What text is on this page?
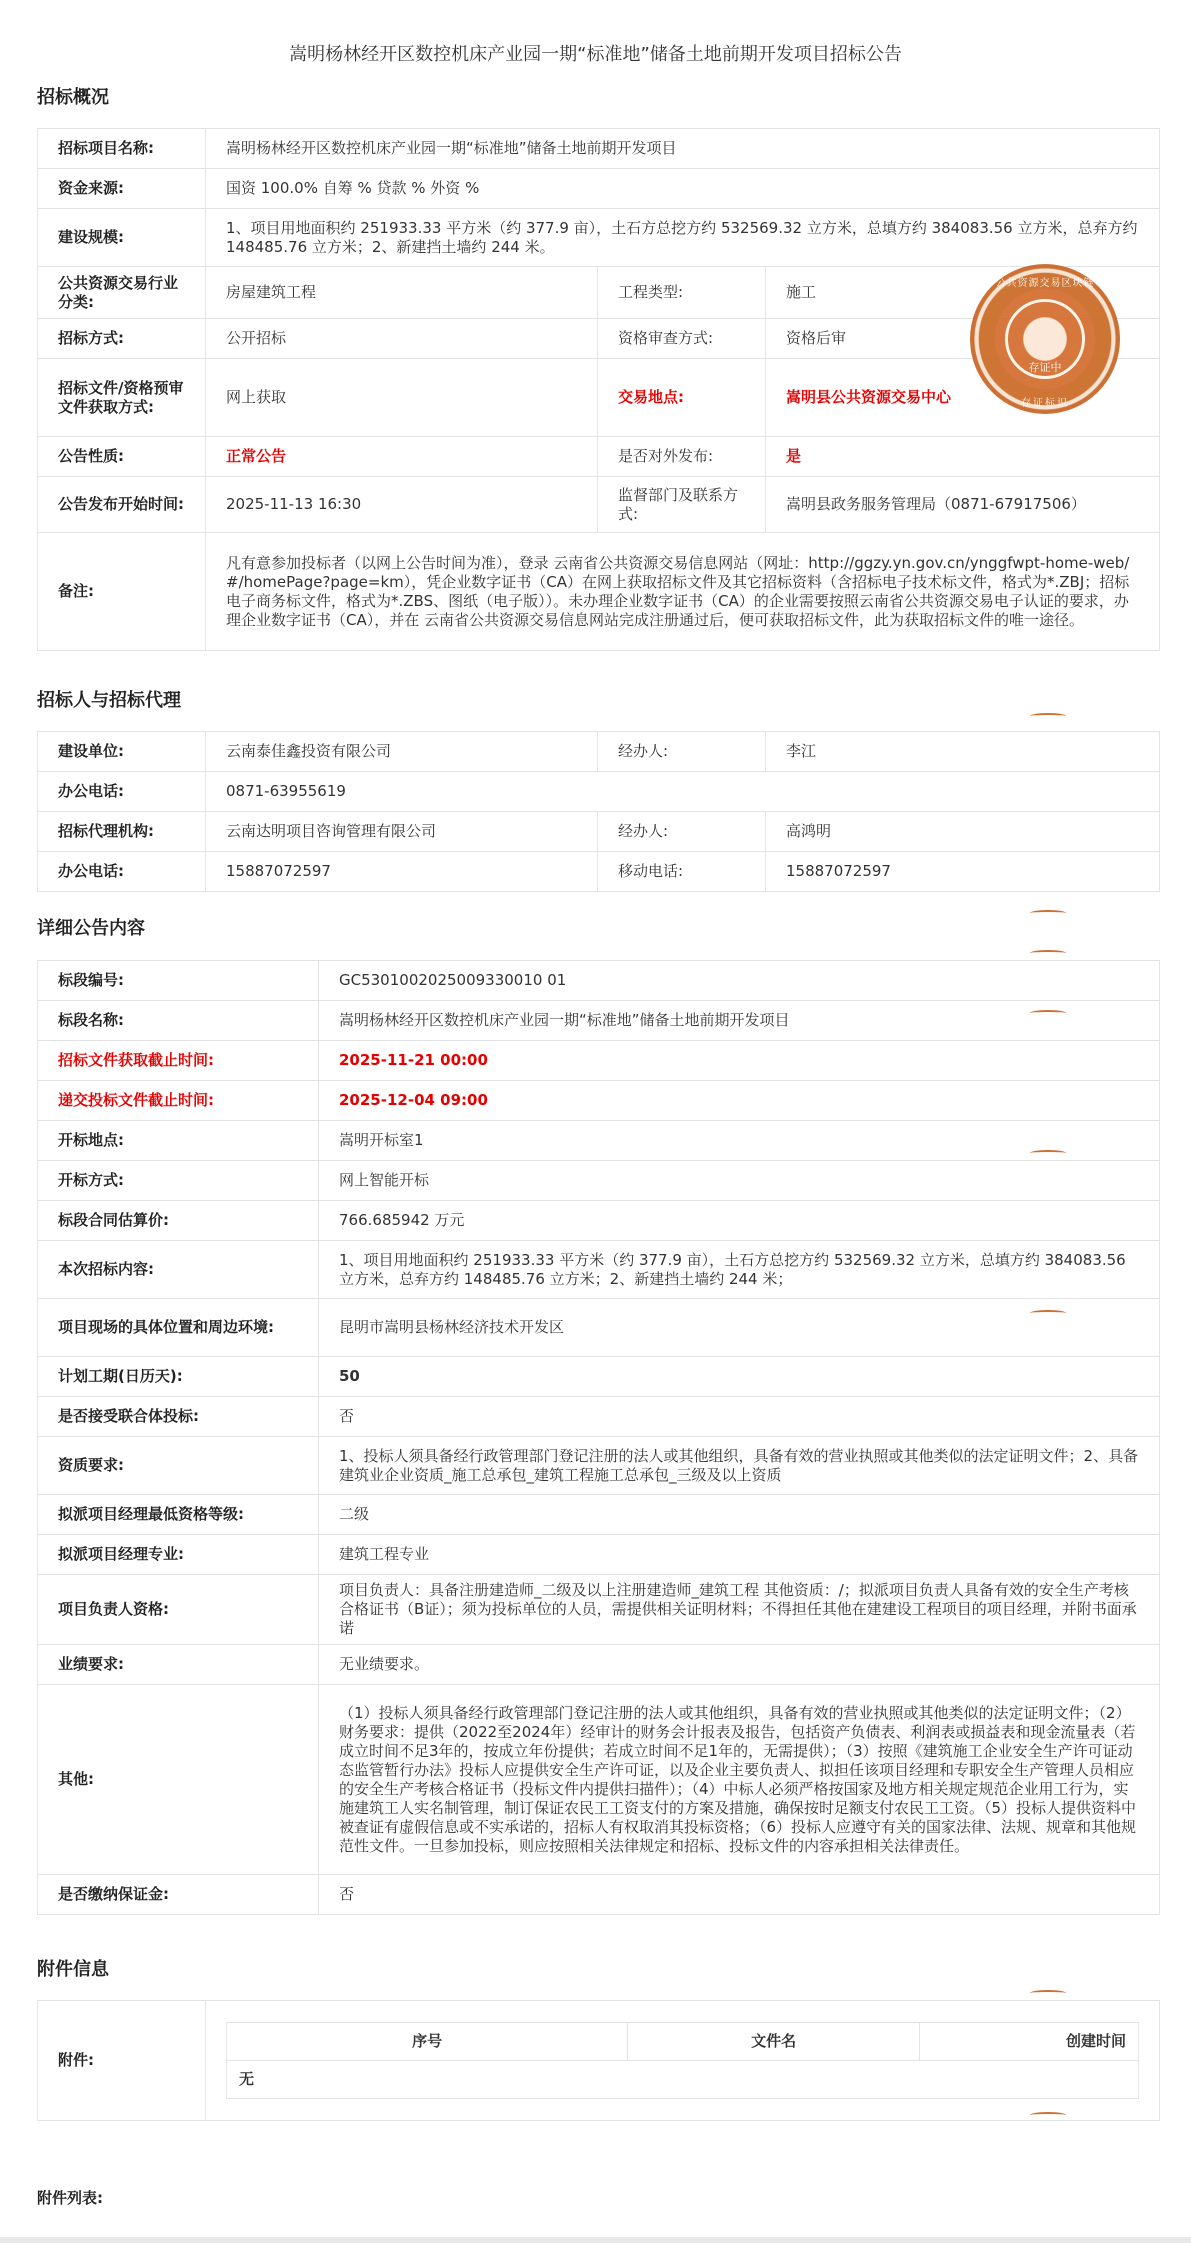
嵩明杨林经开区数控机床产业园一期“标准地”储备土地前期开发项目招标公告
招标概况
招标项目名称:	嵩明杨林经开区数控机床产业园一期“标准地”储备土地前期开发项目		
资金来源:	国资 100.0% 自筹 % 贷款 % 外资 %		
建设规模:	1、项目用地面积约 251933.33 平方米（约 377.9 亩），土石方总挖方约 532569.32 立方米，总填方约 384083.56 立方米，总弃方约 148485.76 立方米；2、新建挡土墙约 244 米。		
公共资源交易行业分类:	房屋建筑工程	工程类型:	施工
招标方式:	公开招标	资格审查方式:	资格后审
招标文件/资格预审文件获取方式:	网上获取	交易地点:	嵩明县公共资源交易中心
公告性质:	正常公告	是否对外发布:	是
公告发布开始时间:	2025-11-13 16:30	监督部门及联系方式:	嵩明县政务服务管理局（0871-67917506）
备注:	凡有意参加投标者（以网上公告时间为准），登录 云南省公共资源交易信息网站（网址：http://ggzy.yn.gov.cn/ynggfwpt-home-web/#/homePage?page=km），凭企业数字证书（CA）在网上获取招标文件及其它招标资料（含招标电子技术标文件，格式为*.ZBJ；招标电子商务标文件，格式为*.ZBS、图纸（电子版））。未办理企业数字证书（CA）的企业需要按照云南省公共资源交易电子认证的要求，办理企业数字证书（CA），并在 云南省公共资源交易信息网站完成注册通过后，便可获取招标文件，此为获取招标文件的唯一途径。		
公共资源交易区块链
存证中
存证标识
招标人与招标代理
建设单位:	云南泰佳鑫投资有限公司	经办人:	李江
办公电话:	0871-63955619		
招标代理机构:	云南达明项目咨询管理有限公司	经办人:	高鸿明
办公电话:	15887072597	移动电话:	15887072597
详细公告内容
标段编号:	GC5301002025009330010 01
标段名称:	嵩明杨林经开区数控机床产业园一期“标准地”储备土地前期开发项目
招标文件获取截止时间:	2025-11-21 00:00
递交投标文件截止时间:	2025-12-04 09:00
开标地点:	嵩明开标室1
开标方式:	网上智能开标
标段合同估算价:	766.685942 万元
本次招标内容:	1、项目用地面积约 251933.33 平方米（约 377.9 亩），土石方总挖方约 532569.32 立方米，总填方约 384083.56 立方米，总弃方约 148485.76 立方米；2、新建挡土墙约 244 米；
项目现场的具体位置和周边环境:	昆明市嵩明县杨林经济技术开发区
计划工期(日历天):	50
是否接受联合体投标:	否
资质要求:	1、投标人须具备经行政管理部门登记注册的法人或其他组织，具备有效的营业执照或其他类似的法定证明文件；2、具备建筑业企业资质_施工总承包_建筑工程施工总承包_三级及以上资质
拟派项目经理最低资格等级:	二级
拟派项目经理专业:	建筑工程专业
项目负责人资格:	项目负责人：具备注册建造师_二级及以上注册建造师_建筑工程 其他资质：/；拟派项目负责人具备有效的安全生产考核合格证书（B证）；须为投标单位的人员，需提供相关证明材料；不得担任其他在建建设工程项目的项目经理，并附书面承诺
业绩要求:	无业绩要求。
其他:	（1）投标人须具备经行政管理部门登记注册的法人或其他组织，具备有效的营业执照或其他类似的法定证明文件；（2）财务要求：提供（2022至2024年）经审计的财务会计报表及报告，包括资产负债表、利润表或损益表和现金流量表（若成立时间不足3年的，按成立年份提供；若成立时间不足1年的，无需提供）；（3）按照《建筑施工企业安全生产许可证动态监管暂行办法》投标人应提供安全生产许可证，以及企业主要负责人、拟担任该项目经理和专职安全生产管理人员相应的安全生产考核合格证书（投标文件内提供扫描件）；（4）中标人必须严格按国家及地方相关规定规范企业用工行为，实施建筑工人实名制管理，制订保证农民工工资支付的方案及措施，确保按时足额支付农民工工资。（5）投标人提供资料中被查证有虚假信息或不实承诺的，招标人有权取消其投标资格；（6）投标人应遵守有关的国家法律、法规、规章和其他规范性文件。一旦参加投标，则应按照相关法律规定和招标、投标文件的内容承担相关法律责任。
是否缴纳保证金:	否
附件信息
附件:	
序号	文件名	创建时间
无
附件列表:
